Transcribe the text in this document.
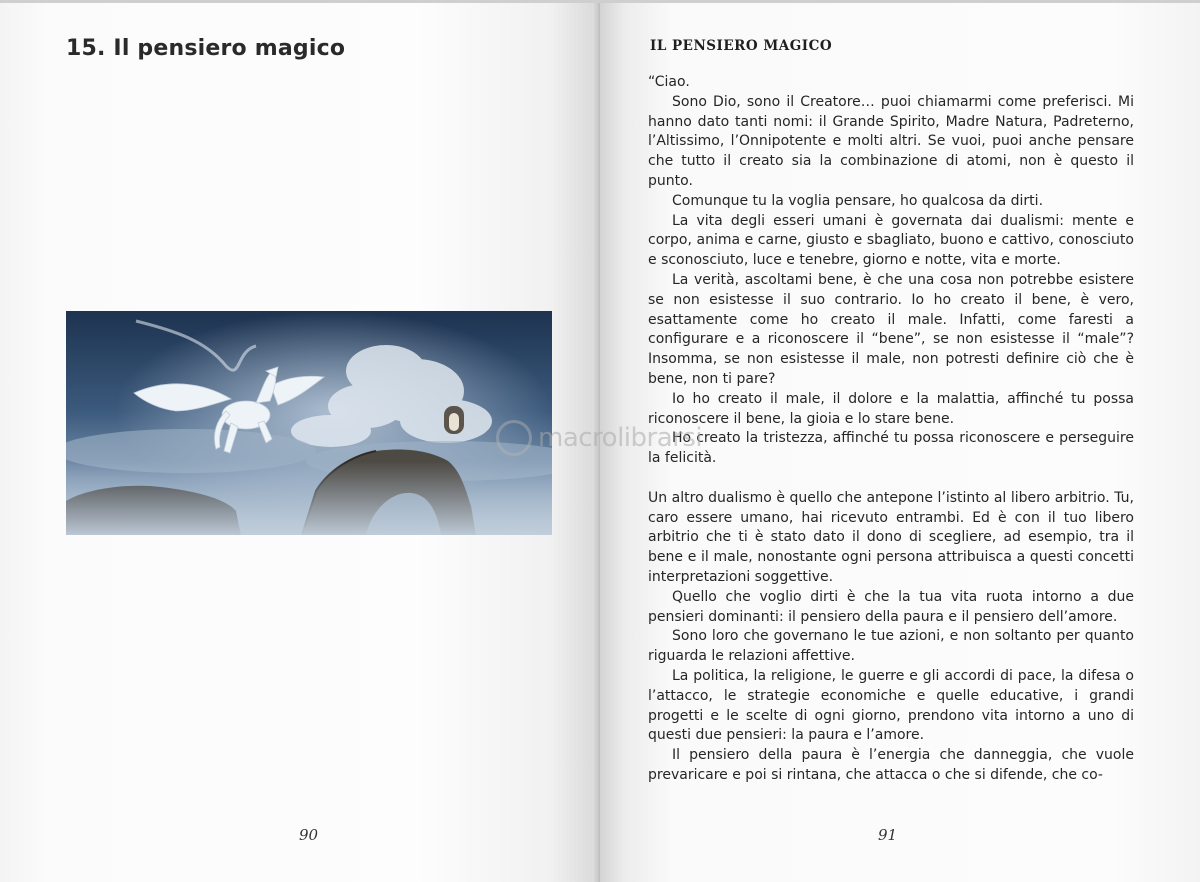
15. Il pensiero magico
90
IL PENSIERO MAGICO
91

“Ciao.

Sono Dio, sono il Creatore… puoi chiamarmi come preferisci. Mi hanno dato tanti nomi: il Grande Spirito, Madre Natura, Padreterno, l’Altissimo, l’Onnipotente e molti altri. Se vuoi, puoi anche pensare che tutto il creato sia la combinazione di atomi, non è questo il punto.

Comunque tu la voglia pensare, ho qualcosa da dirti.

La vita degli esseri umani è governata dai dualismi: mente e corpo, anima e carne, giusto e sbagliato, buono e cattivo, conosciuto e sconosciuto, luce e tenebre, giorno e notte, vita e morte.

La verità, ascoltami bene, è che una cosa non potrebbe esistere se non esistesse il suo contrario. Io ho creato il bene, è vero, esattamente come ho creato il male. Infatti, come faresti a configurare e a riconoscere il “bene”, se non esistesse il “male”? Insomma, se non esistesse il male, non potresti definire ciò che è bene, non ti pare?

Io ho creato il male, il dolore e la malattia, affinché tu possa riconoscere il bene, la gioia e lo stare bene.

Ho creato la tristezza, affinché tu possa riconoscere e perseguire la felicità.

Un altro dualismo è quello che antepone l’istinto al libero arbitrio. Tu, caro essere umano, hai ricevuto entrambi. Ed è con il tuo libero arbitrio che ti è stato dato il dono di scegliere, ad esempio, tra il bene e il male, nonostante ogni persona attribuisca a questi concetti interpretazioni soggettive.

Quello che voglio dirti è che la tua vita ruota intorno a due pensieri dominanti: il pensiero della paura e il pensiero dell’amore.

Sono loro che governano le tue azioni, e non soltanto per quanto riguarda le relazioni affettive.

La politica, la religione, le guerre e gli accordi di pace, la difesa o l’attacco, le strategie economiche e quelle educative, i grandi progetti e le scelte di ogni giorno, prendono vita intorno a uno di questi due pensieri: la paura e l’amore.

Il pensiero della paura è l’energia che danneggia, che vuole prevaricare e poi si rintana, che attacca o che si difende, che co-

macrolibrarsi
